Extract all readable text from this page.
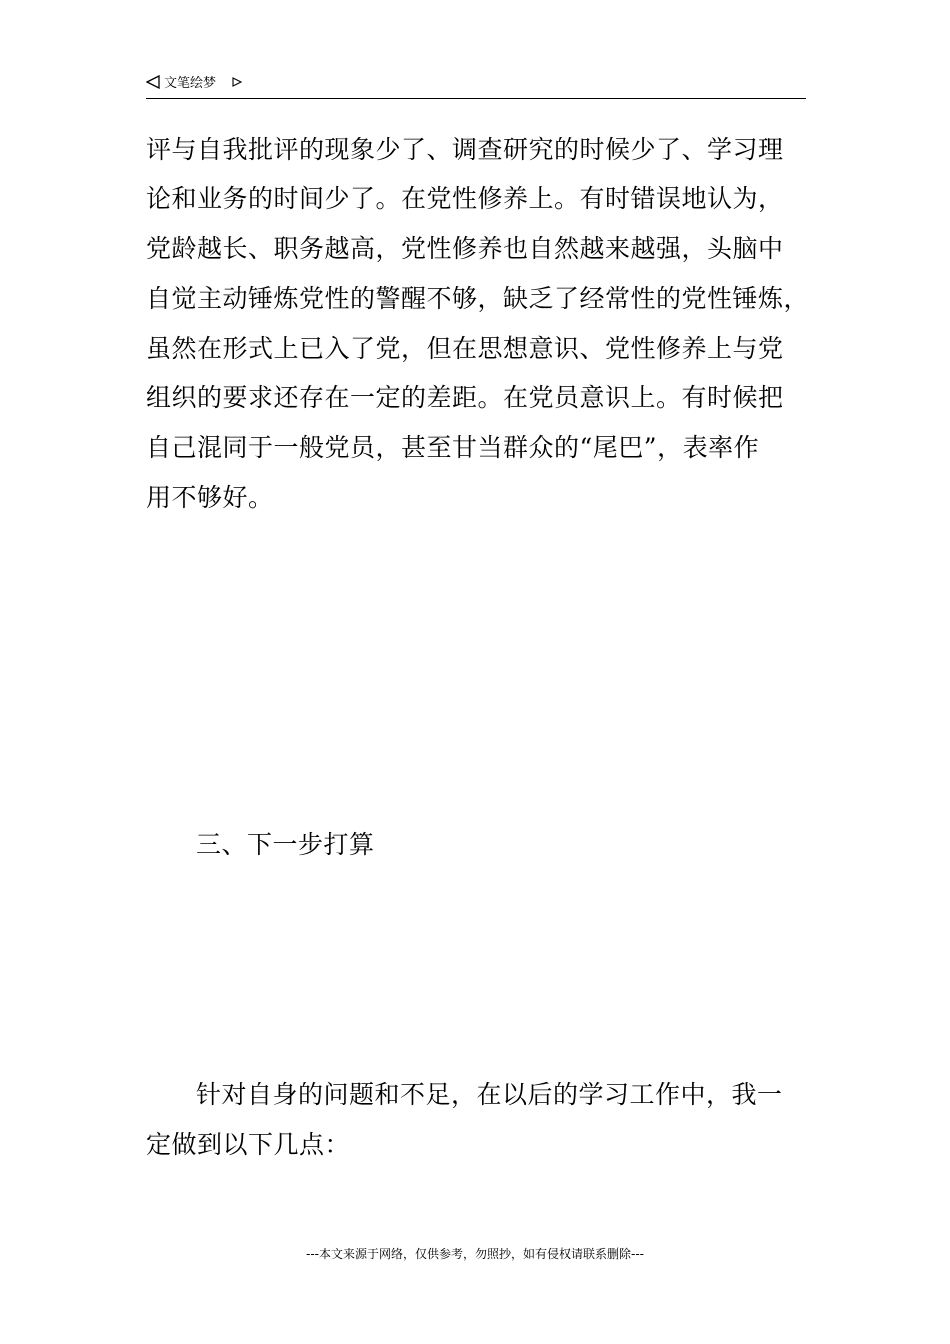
文笔绘梦
评与自我批评的现象少了、调查研究的时候少了、学习理
论和业务的时间少了。在党性修养上。有时错误地认为，
党龄越长、职务越高，党性修养也自然越来越强，头脑中
自觉主动锤炼党性的警醒不够，缺乏了经常性的党性锤炼，
虽然在形式上已入了党，但在思想意识、党性修养上与党
组织的要求还存在一定的差距。在党员意识上。有时候把
自己混同于一般党员，甚至甘当群众的“尾巴”，表率作
用不够好。
三、下一步打算
针对自身的问题和不足，在以后的学习工作中，我一
定做到以下几点：
---本文来源于网络，仅供参考，勿照抄，如有侵权请联系删除---
